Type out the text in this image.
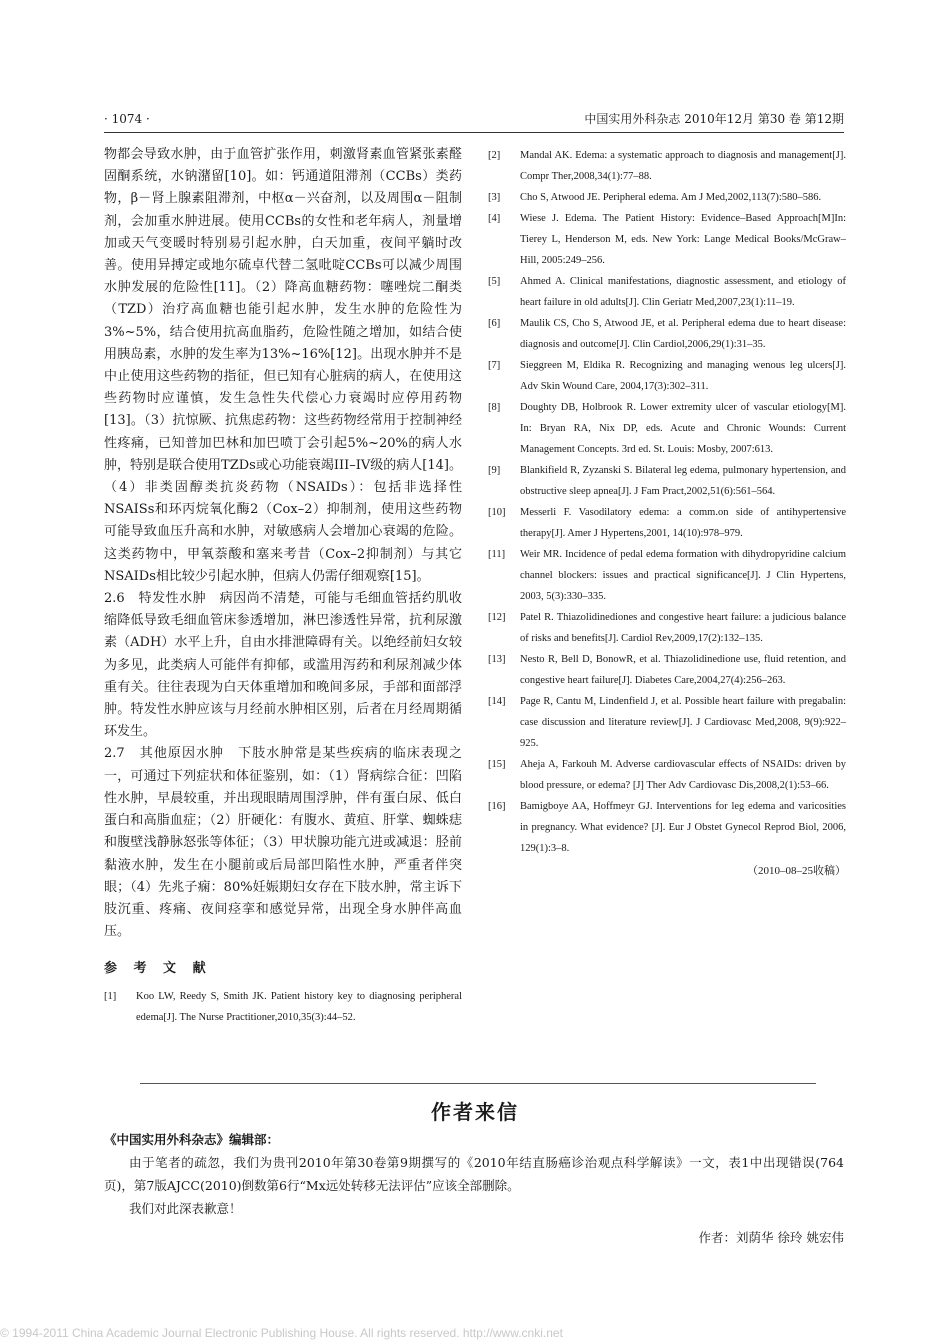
· 1074 ·	中国实用外科杂志 2010年12月 第30 卷 第12期

物都会导致水肿，由于血管扩张作用，刺激肾素血管紧张素醛固酮系统，水钠潴留[10]。如：钙通道阻滞剂（CCBs）类药物，β－肾上腺素阻滞剂，中枢α－兴奋剂，以及周围α－阻制剂，会加重水肿进展。使用CCBs的女性和老年病人，剂量增加或天气变暖时特别易引起水肿，白天加重，夜间平躺时改善。使用异搏定或地尔硫卓代替二氢吡啶CCBs可以减少周围水肿发展的危险性[11]。（2）降高血糖药物：噻唑烷二酮类（TZD）治疗高血糖也能引起水肿，发生水肿的危险性为3%~5%，结合使用抗高血脂药，危险性随之增加，如结合使用胰岛素，水肿的发生率为13%~16%[12]。出现水肿并不是中止使用这些药物的指征，但已知有心脏病的病人，在使用这些药物时应谨慎，发生急性失代偿心力衰竭时应停用药物[13]。（3）抗惊厥、抗焦虑药物：这些药物经常用于控制神经性疼痛，已知普加巴林和加巴喷丁会引起5%~20%的病人水肿，特别是联合使用TZDs或心功能衰竭III–IV级的病人[14]。（4）非类固醇类抗炎药物（NSAIDs）：包括非选择性NSAISs和环丙烷氧化酶2（Cox–2）抑制剂，使用这些药物可能导致血压升高和水肿，对敏感病人会增加心衰竭的危险。这类药物中，甲氧萘酸和塞来考昔（Cox–2抑制剂）与其它NSAIDs相比较少引起水肿，但病人仍需仔细观察[15]。

2.6　特发性水肿　病因尚不清楚，可能与毛细血管括约肌收缩降低导致毛细血管床参透增加，淋巴渗透性异常，抗利尿激素（ADH）水平上升，自由水排泄障碍有关。以绝经前妇女较为多见，此类病人可能伴有抑郁，或滥用泻药和利尿剂减少体重有关。往往表现为白天体重增加和晚间多尿，手部和面部浮肿。特发性水肿应该与月经前水肿相区别，后者在月经周期循环发生。

2.7　其他原因水肿　下肢水肿常是某些疾病的临床表现之一，可通过下列症状和体征鉴别，如：（1）肾病综合征：凹陷性水肿，早晨较重，并出现眼睛周围浮肿，伴有蛋白尿、低白蛋白和高脂血症；（2）肝硬化：有腹水、黄疸、肝掌、蜘蛛痣和腹壁浅静脉怒张等体征；（3）甲状腺功能亢进或减退：胫前黏液水肿，发生在小腿前或后局部凹陷性水肿，严重者伴突眼；（4）先兆子痫：80%妊娠期妇女存在下肢水肿，常主诉下肢沉重、疼痛、夜间痉挛和感觉异常，出现全身水肿伴高血压。

参 考 文 献
[1] Koo LW, Reedy S, Smith JK. Patient history key to diagnosing peripheral edema[J]. The Nurse Practitioner,2010,35(3):44–52.
[2] Mandal AK. Edema: a systematic approach to diagnosis and management[J]. Compr Ther,2008,34(1):77–88.
[3] Cho S, Atwood JE. Peripheral edema. Am J Med,2002,113(7):580–586.
[4] Wiese J. Edema. The Patient History: Evidence–Based Approach[M]In: Tierey L, Henderson M, eds. New York: Lange Medical Books/McGraw–Hill, 2005:249–256.
[5] Ahmed A. Clinical manifestations, diagnostic assessment, and etiology of heart failure in old adults[J]. Clin Geriatr Med,2007,23(1):11–19.
[6] Maulik CS, Cho S, Atwood JE, et al. Peripheral edema due to heart disease: diagnosis and outcome[J]. Clin Cardiol,2006,29(1):31–35.
[7] Sieggreen M, Eldika R. Recognizing and managing wenous leg ulcers[J]. Adv Skin Wound Care, 2004,17(3):302–311.
[8] Doughty DB, Holbrook R. Lower extremity ulcer of vascular etiology[M]. In: Bryan RA, Nix DP, eds. Acute and Chronic Wounds: Current Management Concepts. 3rd ed. St. Louis: Mosby, 2007:613.
[9] Blankifield R, Zyzanski S. Bilateral leg edema, pulmonary hypertension, and obstructive sleep apnea[J]. J Fam Pract,2002,51(6):561–564.
[10] Messerli F. Vasodilatory edema: a comm.on side of antihypertensive therapy[J]. Amer J Hypertens,2001, 14(10):978–979.
[11] Weir MR. Incidence of pedal edema formation with dihydropyridine calcium channel blockers: issues and practical significance[J]. J Clin Hypertens, 2003, 5(3):330–335.
[12] Patel R. Thiazolidinediones and congestive heart failure: a judicious balance of risks and benefits[J]. Cardiol Rev,2009,17(2):132–135.
[13] Nesto R, Bell D, BonowR, et al. Thiazolidinedione use, fluid retention, and congestive heart failure[J]. Diabetes Care,2004,27(4):256–263.
[14] Page R, Cantu M, Lindenfield J, et al. Possible heart failure with pregabalin: case discussion and literature review[J]. J Cardiovasc Med,2008, 9(9):922–925.
[15] Aheja A, Farkouh M. Adverse cardiovascular effects of NSAIDs: driven by blood pressure, or edema? [J] Ther Adv Cardiovasc Dis,2008,2(1):53–66.
[16] Bamigboye AA, Hoffmeyr GJ. Interventions for leg edema and varicosities in pregnancy. What evidence? [J]. Eur J Obstet Gynecol Reprod Biol, 2006, 129(1):3–8.
（2010–08–25收稿）
作者来信

《中国实用外科杂志》编辑部：

由于笔者的疏忽，我们为贵刊2010年第30卷第9期撰写的《2010年结直肠癌诊治观点科学解读》一文，表1中出现错误(764页)，第7版AJCC(2010)倒数第6行“Mx远处转移无法评估”应该全部删除。

我们对此深表歉意！

作者：刘荫华 徐玲 姚宏伟

© 1994-2011 China Academic Journal Electronic Publishing House. All rights reserved. http://www.cnki.net
